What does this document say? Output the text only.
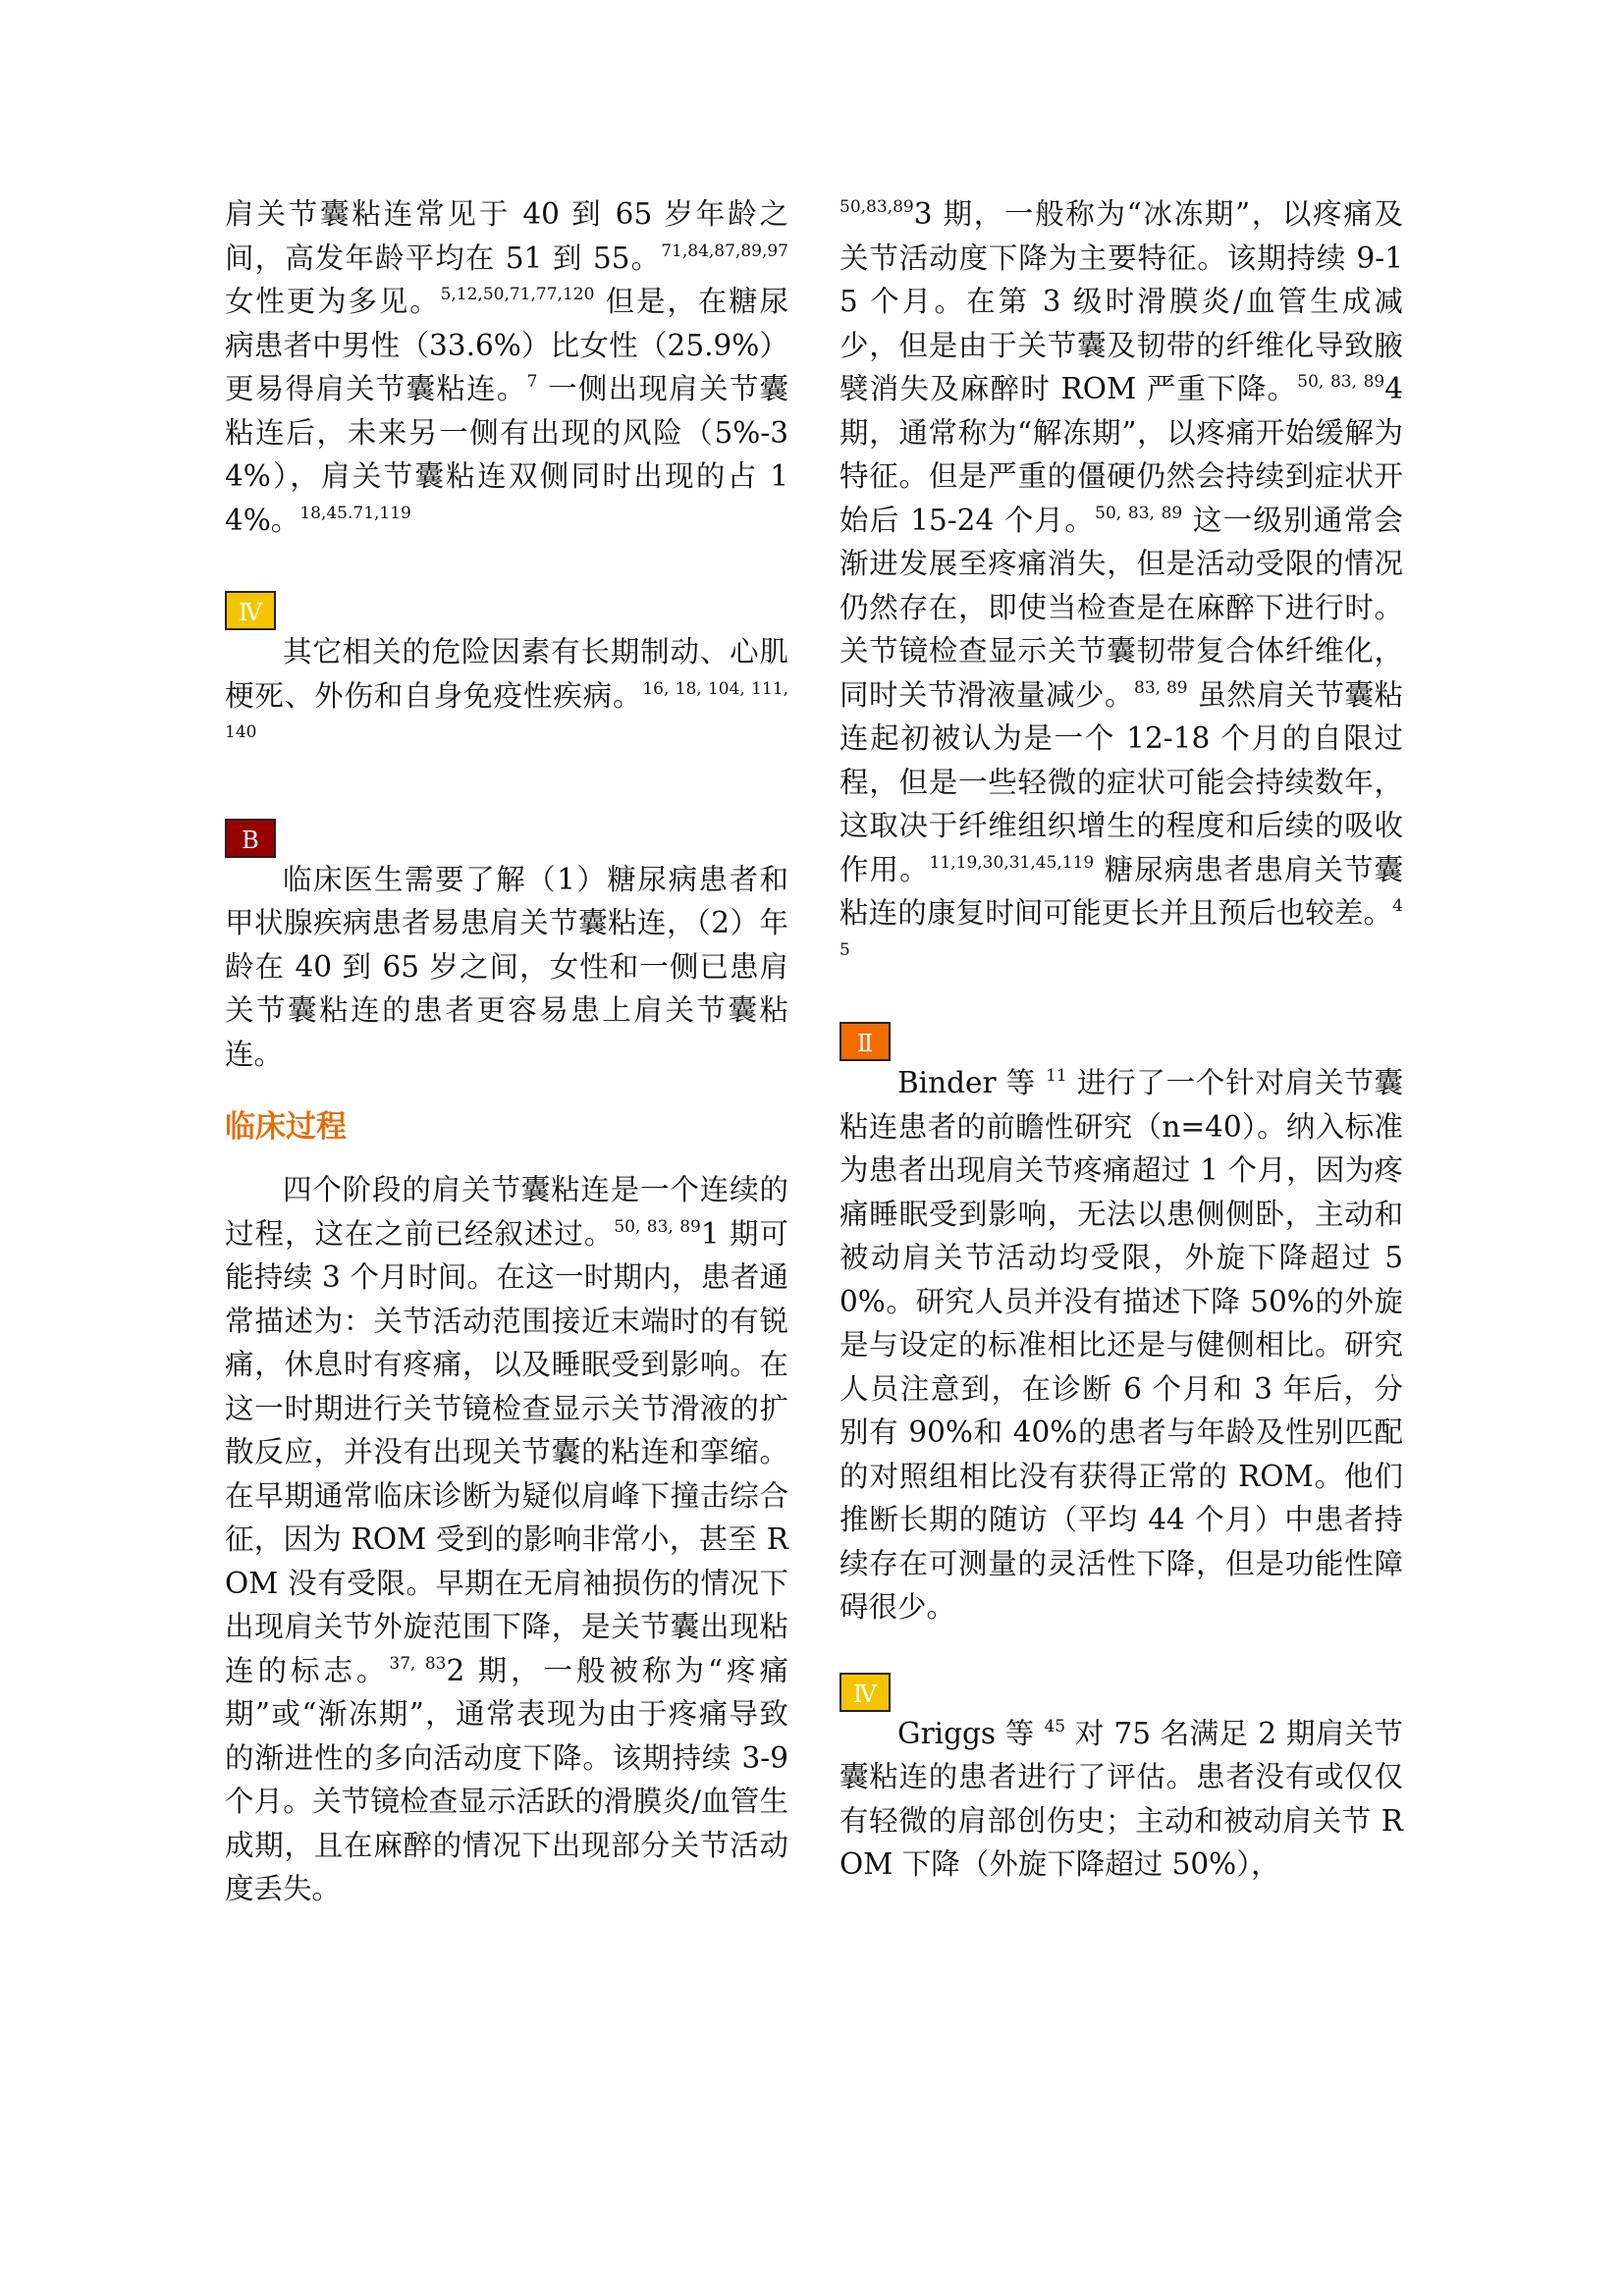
肩关节囊粘连常见于 40 到 65 岁年龄之间，高发年龄平均在 51 到 55。$^{71,84,87,89,97}$女性更为多见。$^{5,12,50,71,77,120}$ 但是，在糖尿病患者中男性（33.6%）比女性（25.9%）更易得肩关节囊粘连。$^7$ 一侧出现肩关节囊粘连后，未来另一侧有出现的风险（5%-34%），肩关节囊粘连双侧同时出现的占 14%。$^{18,45.71,119}$

Ⅳ

其它相关的危险因素有长期制动、心肌梗死、外伤和自身免疫性疾病。$^{16, 18, 104, 111, 140}$

B

临床医生需要了解（1）糖尿病患者和甲状腺疾病患者易患肩关节囊粘连，（2）年龄在 40 到 65 岁之间，女性和一侧已患肩关节囊粘连的患者更容易患上肩关节囊粘连。

临床过程

四个阶段的肩关节囊粘连是一个连续的过程，这在之前已经叙述过。$^{50, 83, 89}$1 期可能持续 3 个月时间。在这一时期内，患者通常描述为：关节活动范围接近末端时的有锐痛，休息时有疼痛，以及睡眠受到影响。在这一时期进行关节镜检查显示关节滑液的扩散反应，并没有出现关节囊的粘连和挛缩。在早期通常临床诊断为疑似肩峰下撞击综合征，因为 ROM 受到的影响非常小，甚至 ROM 没有受限。早期在无肩袖损伤的情况下出现肩关节外旋范围下降，是关节囊出现粘连的标志。$^{37, 83}$2 期，一般被称为“疼痛期”或“渐冻期”，通常表现为由于疼痛导致的渐进性的多向活动度下降。该期持续 3-9 个月。关节镜检查显示活跃的滑膜炎/血管生成期，且在麻醉的情况下出现部分关节活动度丢失。

$^{50,83,89}$3 期，一般称为“冰冻期”，以疼痛及关节活动度下降为主要特征。该期持续 9-15 个月。在第 3 级时滑膜炎/血管生成减少，但是由于关节囊及韧带的纤维化导致腋襞消失及麻醉时 ROM 严重下降。$^{50, 83, 89}$4 期，通常称为“解冻期”，以疼痛开始缓解为特征。但是严重的僵硬仍然会持续到症状开始后 15-24 个月。$^{50, 83, 89}$ 这一级别通常会渐进发展至疼痛消失，但是活动受限的情况仍然存在，即使当检查是在麻醉下进行时。关节镜检查显示关节囊韧带复合体纤维化，同时关节滑液量减少。$^{83, 89}$ 虽然肩关节囊粘连起初被认为是一个 12-18 个月的自限过程，但是一些轻微的症状可能会持续数年，这取决于纤维组织增生的程度和后续的吸收作用。$^{11,19,30,31,45,119}$ 糖尿病患者患肩关节囊粘连的康复时间可能更长并且预后也较差。$^{45}$

Ⅱ

Binder 等 $^{11}$ 进行了一个针对肩关节囊粘连患者的前瞻性研究（n=40）。纳入标准为患者出现肩关节疼痛超过 1 个月，因为疼痛睡眠受到影响，无法以患侧侧卧，主动和被动肩关节活动均受限，外旋下降超过 50%。研究人员并没有描述下降 50%的外旋是与设定的标准相比还是与健侧相比。研究人员注意到，在诊断 6 个月和 3 年后，分别有 90%和 40%的患者与年龄及性别匹配的对照组相比没有获得正常的 ROM。他们推断长期的随访（平均 44 个月）中患者持续存在可测量的灵活性下降，但是功能性障碍很少。

Ⅳ

Griggs 等 $^{45}$ 对 75 名满足 2 期肩关节囊粘连的患者进行了评估。患者没有或仅仅有轻微的肩部创伤史；主动和被动肩关节 ROM 下降（外旋下降超过 50%），
